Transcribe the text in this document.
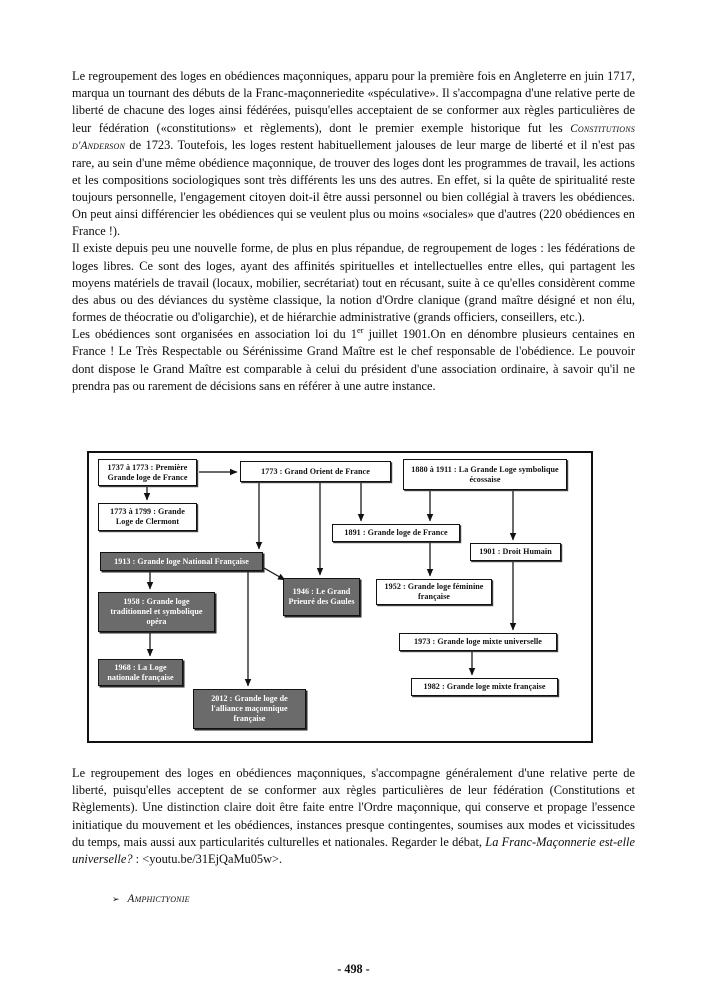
Le regroupement des loges en obédiences maçonniques, apparu pour la première fois en Angleterre en juin 1717, marqua un tournant des débuts de la Franc-maçonneriedite «spéculative». Il s'accompagna d'une relative perte de liberté de chacune des loges ainsi fédérées, puisqu'elles acceptaient de se conformer aux règles particulières de leur fédération («constitutions» et règlements), dont le premier exemple historique fut les Constitutions d'Anderson de 1723. Toutefois, les loges restent habituellement jalouses de leur marge de liberté et il n'est pas rare, au sein d'une même obédience maçonnique, de trouver des loges dont les programmes de travail, les actions et les compositions sociologiques sont très différents les uns des autres. En effet, si la quête de spiritualité reste toujours personnelle, l'engagement citoyen doit-il être aussi personnel ou bien collégial à travers les obédiences. On peut ainsi différencier les obédiences qui se veulent plus ou moins «sociales» que d'autres (220 obédiences en France !).

Il existe depuis peu une nouvelle forme, de plus en plus répandue, de regroupement de loges : les fédérations de loges libres. Ce sont des loges, ayant des affinités spirituelles et intellectuelles entre elles, qui partagent les moyens matériels de travail (locaux, mobilier, secrétariat) tout en récusant, suite à ce qu'elles considèrent comme des abus ou des déviances du système classique, la notion d'Ordre clanique (grand maître désigné et non élu, formes de théocratie ou d'oligarchie), et de hiérarchie administrative (grands officiers, conseillers, etc.).

Les obédiences sont organisées en association loi du 1er juillet 1901.On en dénombre plusieurs centaines en France ! Le Très Respectable ou Sérénissime Grand Maître est le chef responsable de l'obédience. Le pouvoir dont dispose le Grand Maître est comparable à celui du président d'une association ordinaire, à savoir qu'il ne prendra pas ou rarement de décisions sans en référer à une autre instance.

1737 à 1773 : Première Grande loge de France
1773 à 1799 : Grande Loge de Clermont
1773 : Grand Orient de France	1880 à 1911 : La Grande Loge symbolique écossaise
1891 : Grande loge de France
1901 : Droit Humain
1913 : Grande loge National Française
1946 : Le Grand Prieuré des Gaules
1952 : Grande loge féminine française
1958 : Grande loge traditionnel et symbolique opéra
1973 : Grande loge mixte universelle
1968 : La Loge nationale française
1982 : Grande loge mixte française
2012 : Grande loge de l'alliance maçonnique française

Le regroupement des loges en obédiences maçonniques, s'accompagne généralement d'une relative perte de liberté, puisqu'elles acceptent de se conformer aux règles particulières de leur fédération (Constitutions et Règlements). Une distinction claire doit être faite entre l'Ordre maçonnique, qui conserve et propage l'essence initiatique du mouvement et les obédiences, instances presque contingentes, soumises aux modes et vicissitudes du temps, mais aussi aux particularités culturelles et nationales. Regarder le débat, La Franc-Maçonnerie est-elle universelle? : <youtu.be/31EjQaMu05w>.

➢ Amphictyonie
- 498 -
